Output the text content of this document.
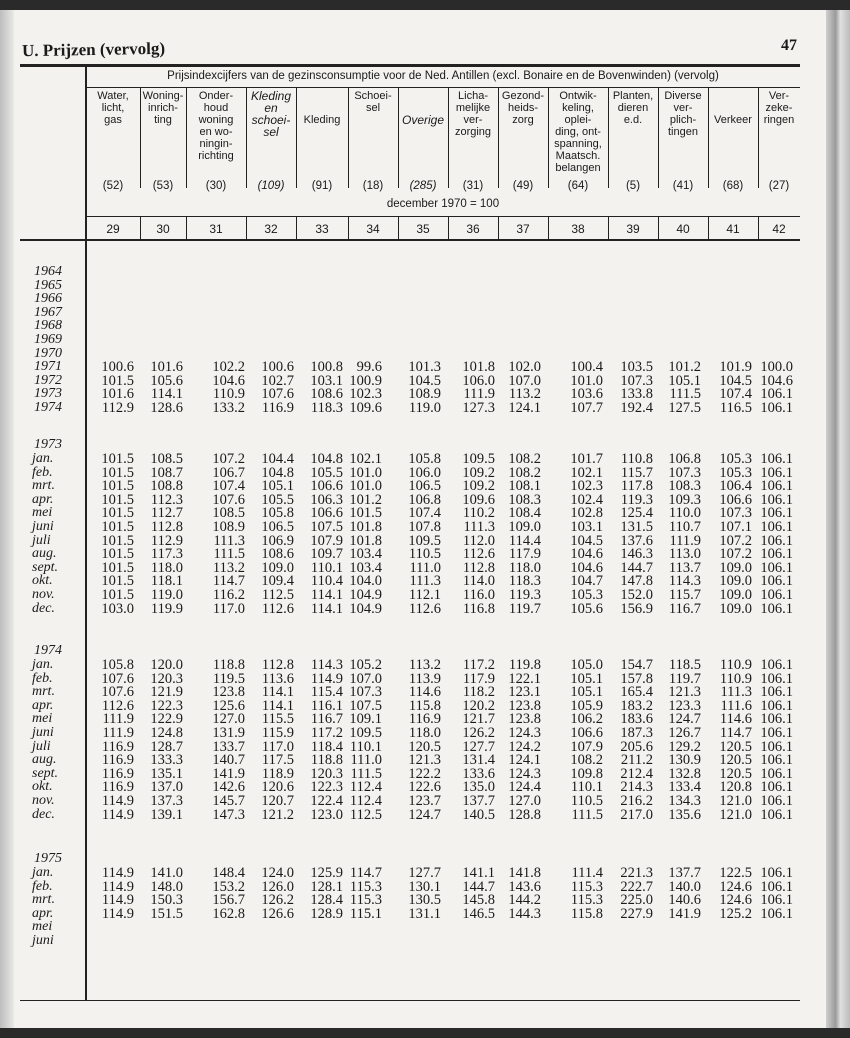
U. Prijzen (vervolg)	47
Prijsindexcijfers van de gezinsconsumptie voor de Ned. Antillen (excl. Bonaire en de Bovenwinden) (vervolg)
december 1970 = 100
Water,
licht,
gas
(52)
29
Woning-
inrich-
ting
(53)
30
Onder-
houd
woning
en wo-
ningin-
richting
(30)
31
Kleding
en
schoei-
sel
(109)
32

Kleding
(91)
33
Schoei-
sel
(18)
34

Overige
(285)
35
Licha-
melijke
ver-
zorging
(31)
36
Gezond-
heids-
zorg
(49)
37
Ontwik-
keling,
oplei-
ding, ont-
spanning,
Maatsch.
belangen
(64)
38
Planten,
dieren
e.d.
(5)
39
Diverse
ver-
plich-
tingen
(41)
40

Verkeer
(68)
41
Ver-
zeke-
ringen
(27)
42
1964
1965
1966
1967
1968
1969
1970
1971	100.6	101.6	102.2	100.6	100.8 99.6	101.3	101.8 102.0	100.4	103.5	101.2	101.9 100.0
1972	101.5	105.6	104.6	102.7	103.1 100.9	104.5	106.0 107.0	101.0	107.3	105.1	104.5 104.6
1973	101.6	114.1	110.9	107.6	108.6 102.3	108.9	111.9 113.2	103.6	133.8	111.5	107.4 106.1
1974	112.9	128.6	133.2	116.9	118.3 109.6	119.0	127.3 124.1	107.7	192.4	127.5	116.5 106.1
1973
jan.	101.5	108.5	107.2	104.4	104.8 102.1	105.8	109.5 108.2	101.7	110.8	106.8	105.3 106.1
feb.	101.5	108.7	106.7	104.8	105.5 101.0	106.0	109.2 108.2	102.1	115.7	107.3	105.3 106.1
mrt.	101.5	108.8	107.4	105.1	106.6 101.0	106.5	109.2 108.1	102.3	117.8	108.3	106.4 106.1
apr.	101.5	112.3	107.6	105.5	106.3 101.2	106.8	109.6 108.3	102.4	119.3	109.3	106.6 106.1
mei	101.5	112.7	108.5	105.8	106.6 101.5	107.4	110.2 108.4	102.8	125.4	110.0	107.3 106.1
juni	101.5	112.8	108.9	106.5	107.5 101.8	107.8	111.3 109.0	103.1	131.5	110.7	107.1 106.1
juli	101.5	112.9	111.3	106.9	107.9 101.8	109.5	112.0 114.4	104.5	137.6	111.9	107.2 106.1
aug.	101.5	117.3	111.5	108.6	109.7 103.4	110.5	112.6 117.9	104.6	146.3	113.0	107.2 106.1
sept.	101.5	118.0	113.2	109.0	110.1 103.4	111.0	112.8 118.0	104.6	144.7	113.7	109.0 106.1
okt.	101.5	118.1	114.7	109.4	110.4 104.0	111.3	114.0 118.3	104.7	147.8	114.3	109.0 106.1
nov.	101.5	119.0	116.2	112.5	114.1 104.9	112.1	116.0 119.3	105.3	152.0	115.7	109.0 106.1
dec.	103.0	119.9	117.0	112.6	114.1 104.9	112.6	116.8 119.7	105.6	156.9	116.7	109.0 106.1
1974
jan.	105.8	120.0	118.8	112.8	114.3 105.2	113.2	117.2 119.8	105.0	154.7	118.5	110.9 106.1
feb.	107.6	120.3	119.5	113.6	114.9 107.0	113.9	117.9 122.1	105.1	157.8	119.7	110.9 106.1
mrt.	107.6	121.9	123.8	114.1	115.4 107.3	114.6	118.2 123.1	105.1	165.4	121.3	111.3 106.1
apr.	112.6	122.3	125.6	114.1	116.1 107.5	115.8	120.2 123.8	105.9	183.2	123.3	111.6 106.1
mei	111.9	122.9	127.0	115.5	116.7 109.1	116.9	121.7 123.8	106.2	183.6	124.7	114.6 106.1
juni	111.9	124.8	131.9	115.9	117.2 109.5	118.0	126.2 124.3	106.6	187.3	126.7	114.7 106.1
juli	116.9	128.7	133.7	117.0	118.4 110.1	120.5	127.7 124.2	107.9	205.6	129.2	120.5 106.1
aug.	116.9	133.3	140.7	117.5	118.8 111.0	121.3	131.4 124.1	108.2	211.2	130.9	120.5 106.1
sept.	116.9	135.1	141.9	118.9	120.3 111.5	122.2	133.6 124.3	109.8	212.4	132.8	120.5 106.1
okt.	116.9	137.0	142.6	120.6	122.3 112.4	122.6	135.0 124.4	110.1	214.3	133.4	120.8 106.1
nov.	114.9	137.3	145.7	120.7	122.4 112.4	123.7	137.7 127.0	110.5	216.2	134.3	121.0 106.1
dec.	114.9	139.1	147.3	121.2	123.0 112.5	124.7	140.5 128.8	111.5	217.0	135.6	121.0 106.1
1975
jan.	114.9	141.0	148.4	124.0	125.9 114.7	127.7	141.1 141.8	111.4	221.3	137.7	122.5 106.1
feb.	114.9	148.0	153.2	126.0	128.1 115.3	130.1	144.7 143.6	115.3	222.7	140.0	124.6 106.1
mrt.	114.9	150.3	156.7	126.2	128.4 115.3	130.5	145.8 144.2	115.3	225.0	140.6	124.6 106.1
apr.	114.9	151.5	162.8	126.6	128.9 115.1	131.1	146.5 144.3	115.8	227.9	141.9	125.2 106.1
mei
juni
